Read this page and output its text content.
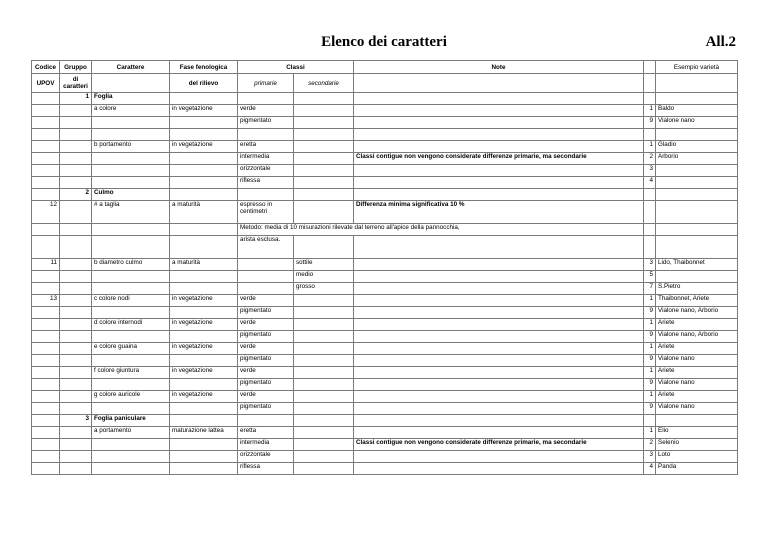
Elenco dei caratteri	All.2
Codice	Gruppo	Carattere	Fase fenologica	Classi		Note		Esempio varietà
UPOV	di caratteri		del rilievo	primarie	secondarie			
	1	Foglia						
		a colore	in vegetazione	verde			1	Baldo
				pigmentato			9	Vialone nano

		b portamento	in vegetazione	eretta			1	Gladio
				intermedia		Classi contigue non vengono considerate differenze primarie, ma secondarie	2	Arborio
				orizzontale			3	
				riflessa			4	
	2	Culmo						
12		# a taglia	a maturità	espresso in centimetri		Differenza minima significativa 10 %		
				Metodo: media di 10 misurazioni rilevate dal terreno all'apice della pannocchia,				
				arista esclusa.				
11		b diametro culmo	a maturità		sottile		3	Lido, Thaibonnet
					medio		5	
					grosso		7	S.Pietro
13		c colore nodi	in vegetazione	verde			1	Thaibonnet, Ariete
				pigmentato			9	Vialone nano, Arborio
		d colore internodi	in vegetazione	verde			1	Ariete
				pigmentato			9	Vialone nano, Arborio
		e colore guaina	in vegetazione	verde			1	Ariete
				pigmentato			9	Vialone nano
		f colore giuntura	in vegetazione	verde			1	Ariete
				pigmentato			9	Vialone nano
		g colore auricole	in vegetazione	verde			1	Ariete
				pigmentato			9	Vialone nano
	3	Foglia paniculare						
		a portamento	maturazione lattea	eretta			1	Elio
				intermedia		Classi contigue non vengono considerate differenze primarie, ma secondarie	2	Selenio
				orizzontale			3	Loto
				riflessa			4	Panda
